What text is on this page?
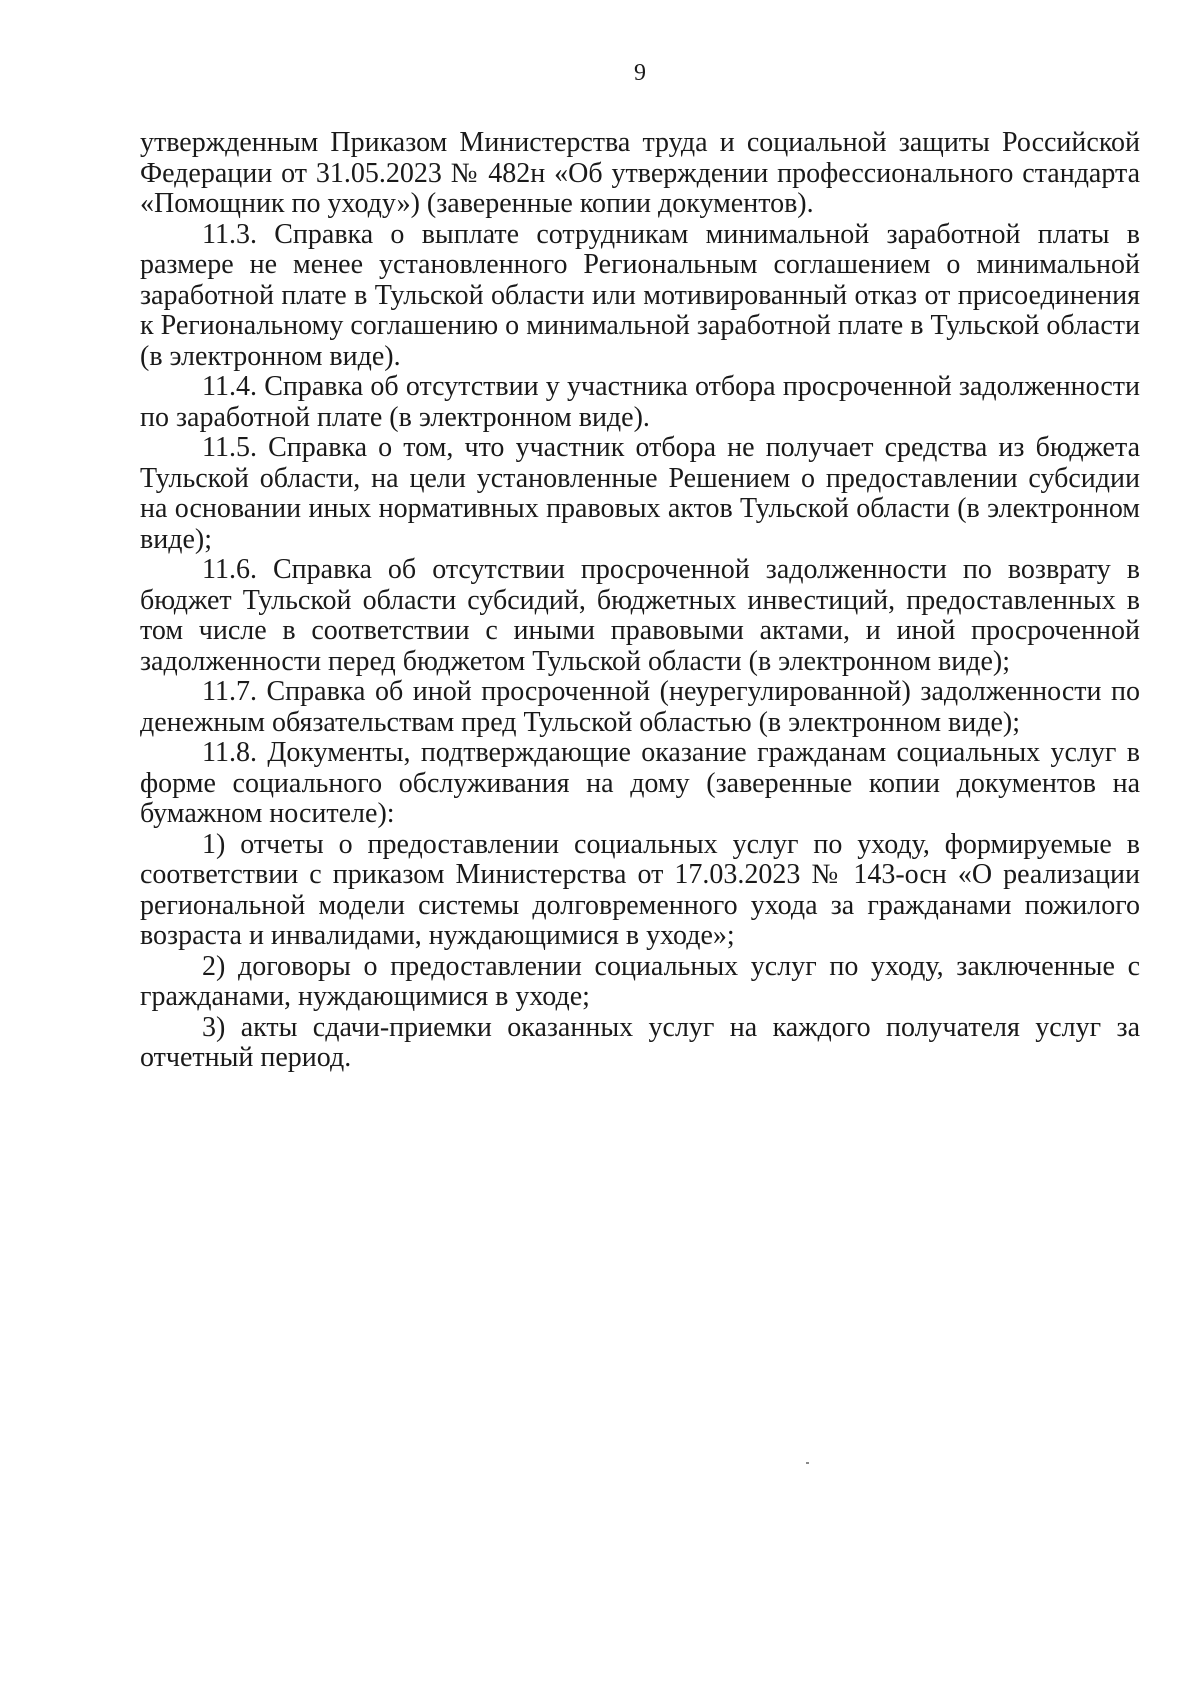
9

утвержденным Приказом Министерства труда и социальной защиты Российской Федерации от 31.05.2023 № 482н «Об утверждении профессионального стандарта «Помощник по уходу») (заверенные копии документов).

11.3. Справка о выплате сотрудникам минимальной заработной платы в размере не менее установленного Региональным соглашением о минимальной заработной плате в Тульской области или мотивированный отказ от присоединения к Региональному соглашению о минимальной заработной плате в Тульской области (в электронном виде).

11.4. Справка об отсутствии у участника отбора просроченной задолженности по заработной плате (в электронном виде).

11.5. Справка о том, что участник отбора не получает средства из бюджета Тульской области, на цели установленные Решением о предоставлении субсидии на основании иных нормативных правовых актов Тульской области (в электронном виде);

11.6. Справка об отсутствии просроченной задолженности по возврату в бюджет Тульской области субсидий, бюджетных инвестиций, предоставленных в том числе в соответствии с иными правовыми актами, и иной просроченной задолженности перед бюджетом Тульской области (в электронном виде);

11.7. Справка об иной просроченной (неурегулированной) задолженности по денежным обязательствам пред Тульской областью (в электронном виде);

11.8. Документы, подтверждающие оказание гражданам социальных услуг в форме социального обслуживания на дому (заверенные копии документов на бумажном носителе):

1) отчеты о предоставлении социальных услуг по уходу, формируемые в соответствии с приказом Министерства от 17.03.2023 № 143-осн «О реализации региональной модели системы долговременного ухода за гражданами пожилого возраста и инвалидами, нуждающимися в уходе»;

2) договоры о предоставлении социальных услуг по уходу, заключенные с гражданами, нуждающимися в уходе;

3) акты сдачи-приемки оказанных услуг на каждого получателя услуг за отчетный период.
